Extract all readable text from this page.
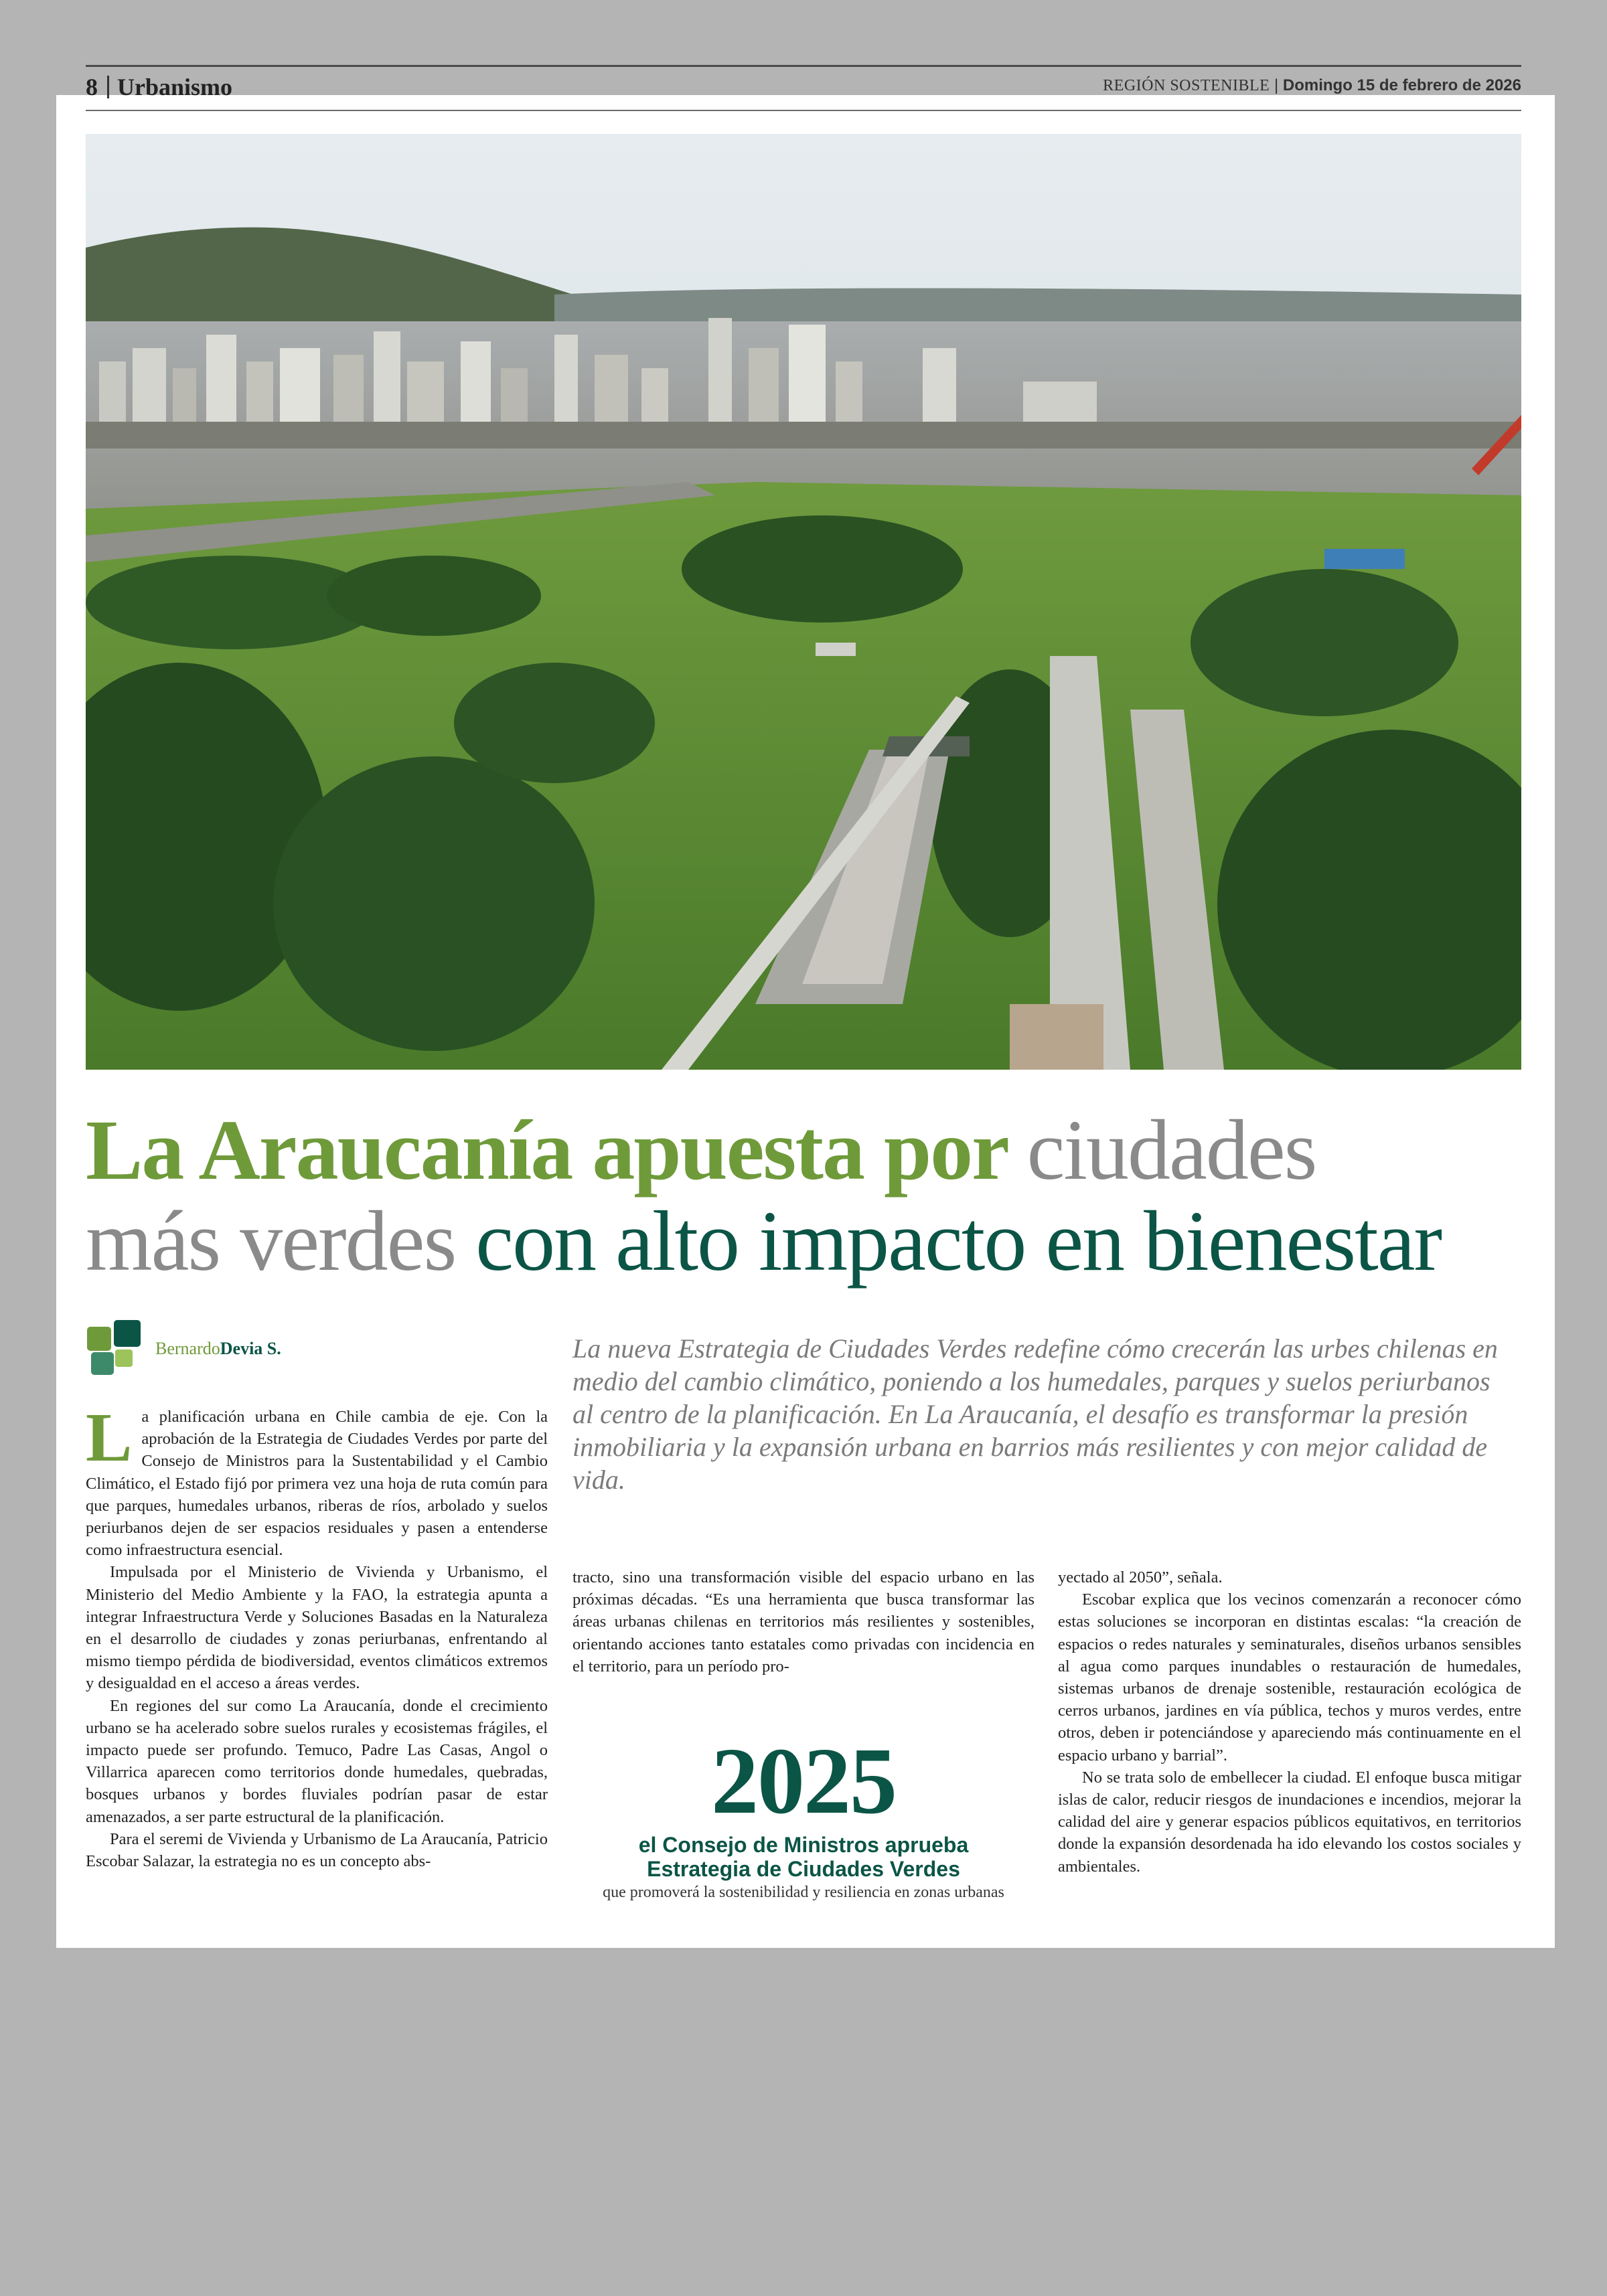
8 Urbanismo	REGIÓN SOSTENIBLE | Domingo 15 de febrero de 2026
La Araucanía apuesta por ciudades
más verdes con alto impacto en bienestar
Bernardo Devia S.	La nueva Estrategia de Ciudades Verdes redefine cómo crecerán las urbes chilenas en medio del cambio climático, poniendo a los humedales, parques y suelos periurbanos al centro de la planificación. En La Araucanía, el desafío es transformar la presión inmobiliaria y la expansión urbana en barrios más resilientes y con mejor calidad de vida.

La planificación urbana en Chile cambia de eje. Con la aprobación de la Estrategia de Ciudades Verdes por parte del Consejo de Ministros para la Sustentabilidad y el Cambio Climático, el Estado fijó por primera vez una hoja de ruta común para que parques, humedales urbanos, riberas de ríos, arbolado y suelos periurbanos dejen de ser espacios residuales y pasen a entenderse como infraestructura esencial.

Impulsada por el Ministerio de Vivienda y Urbanismo, el Ministerio del Medio Ambiente y la FAO, la estrategia apunta a integrar Infraestructura Verde y Soluciones Basadas en la Naturaleza en el desarrollo de ciudades y zonas periurbanas, enfrentando al mismo tiempo pérdida de biodiversidad, eventos climáticos extremos y desigualdad en el acceso a áreas verdes.

En regiones del sur como La Araucanía, donde el crecimiento urbano se ha acelerado sobre suelos rurales y ecosistemas frágiles, el impacto puede ser profundo. Temuco, Padre Las Casas, Angol o Villarrica aparecen como territorios donde humedales, quebradas, bosques urbanos y bordes fluviales podrían pasar de estar amenazados, a ser parte estructural de la planificación.

Para el seremi de Vivienda y Urbanismo de La Araucanía, Patricio Escobar Salazar, la estrategia no es un concepto abs-

tracto, sino una transformación visible del espacio urbano en las próximas décadas. “Es una herramienta que busca transformar las áreas urbanas chilenas en territorios más resilientes y sostenibles, orientando acciones tanto estatales como privadas con incidencia en el territorio, para un período pro-

2025
el Consejo de Ministros aprueba
Estrategia de Ciudades Verdes
que promoverá la sostenibilidad y resiliencia en zonas urbanas

yectado al 2050”, señala.

Escobar explica que los vecinos comenzarán a reconocer cómo estas soluciones se incorporan en distintas escalas: “la creación de espacios o redes naturales y seminaturales, diseños urbanos sensibles al agua como parques inundables o restauración de humedales, sistemas urbanos de drenaje sostenible, restauración ecológica de cerros urbanos, jardines en vía pública, techos y muros verdes, entre otros, deben ir potenciándose y apareciendo más continuamente en el espacio urbano y barrial”.

No se trata solo de embellecer la ciudad. El enfoque busca mitigar islas de calor, reducir riesgos de inundaciones e incendios, mejorar la calidad del aire y generar espacios públicos equitativos, en territorios donde la expansión desordenada ha ido elevando los costos sociales y ambientales.
